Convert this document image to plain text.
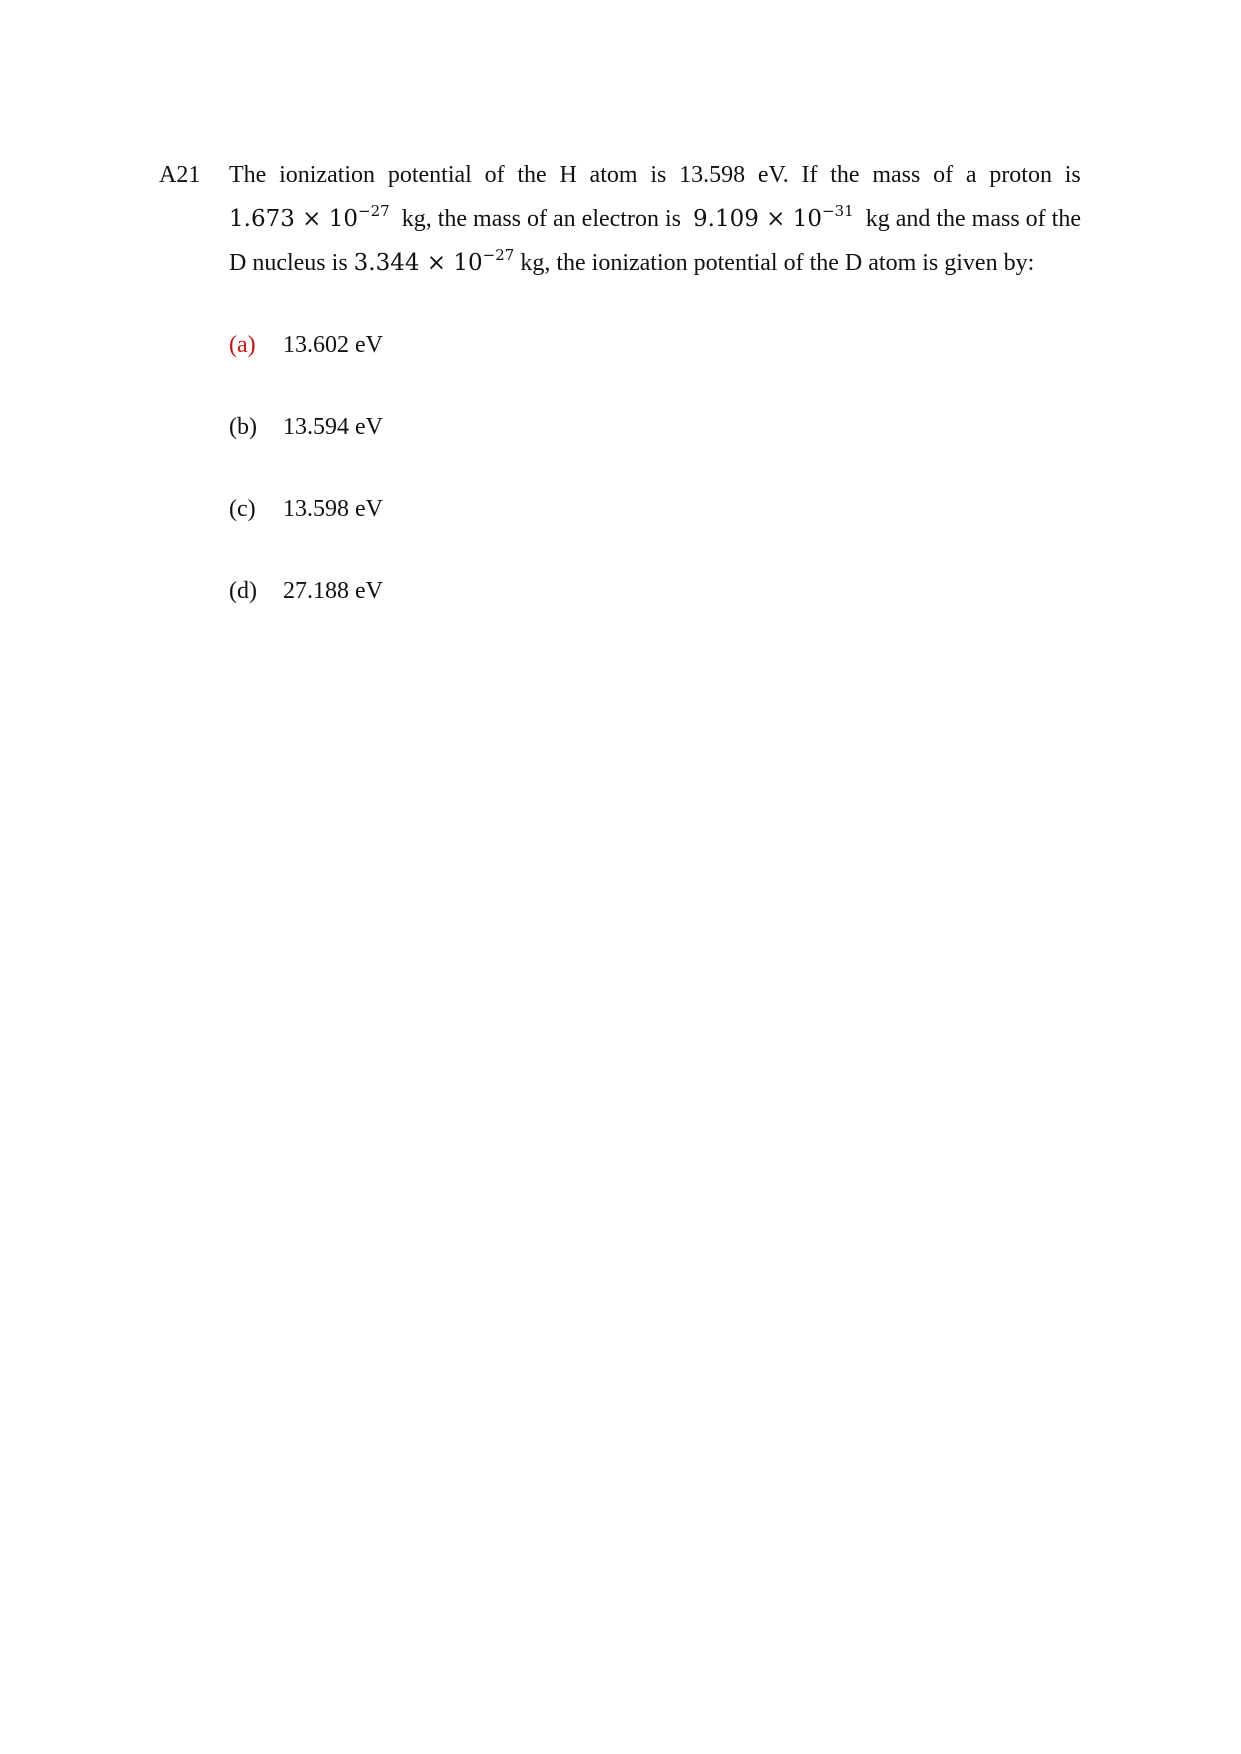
A21 The ionization potential of the H atom is 13.598 eV. If the mass of a proton is
$1.673 \times 10^{-27}$ kg, the mass of an electron is $9.109 \times 10^{-31}$ kg and the mass of the
D nucleus is $3.344 \times 10^{-27}$ kg, the ionization potential of the D atom is given by:
(a)	13.602 eV
(b)	13.594 eV
(c)	13.598 eV
(d)	27.188 eV
